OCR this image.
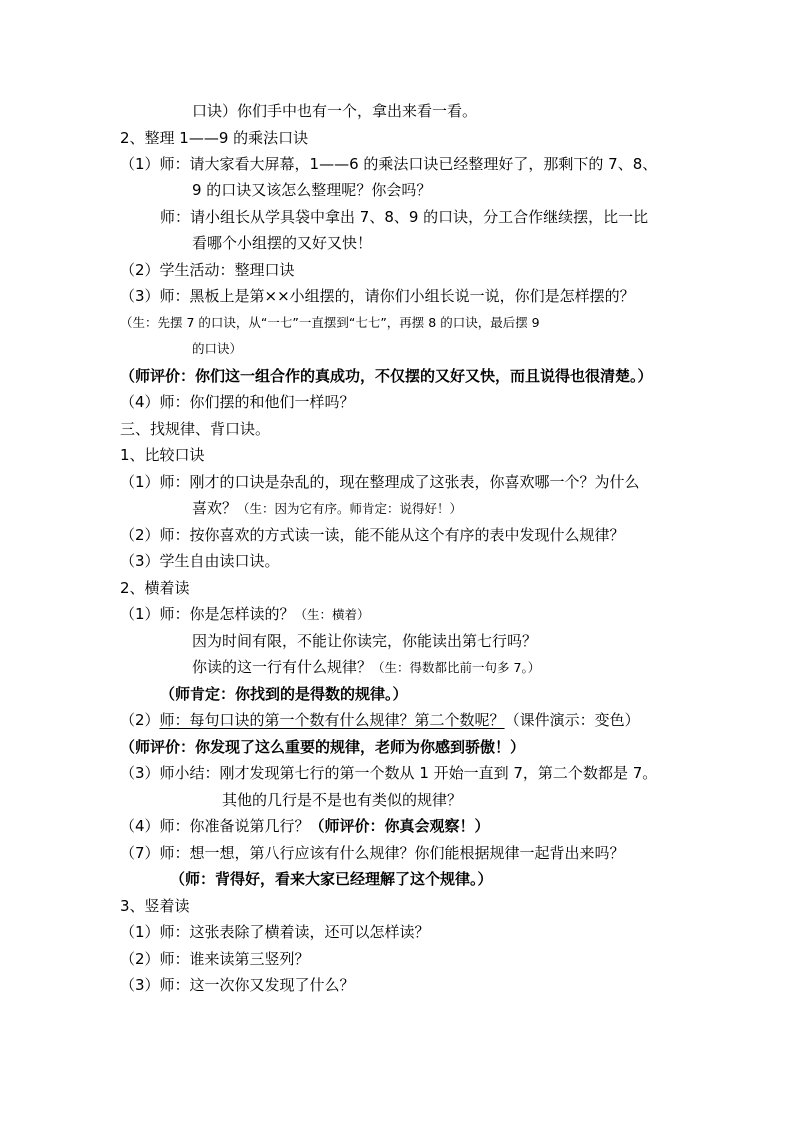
口诀）你们手中也有一个，拿出来看一看。
2、整理 1——9 的乘法口诀
（1）师：请大家看大屏幕，1——6 的乘法口诀已经整理好了，那剩下的 7、8、
9 的口诀又该怎么整理呢？你会吗？
师：请小组长从学具袋中拿出 7、8、9 的口诀，分工合作继续摆，比一比
看哪个小组摆的又好又快！
（2）学生活动：整理口诀
（3）师：黑板上是第××小组摆的，请你们小组长说一说，你们是怎样摆的？
（生：先摆 7 的口诀，从“一七”一直摆到“七七”，再摆 8 的口诀，最后摆 9
的口诀）
（师评价：你们这一组合作的真成功，不仅摆的又好又快，而且说得也很清楚。）
（4）师：你们摆的和他们一样吗？
三、找规律、背口诀。
1、比较口诀
（1）师：刚才的口诀是杂乱的，现在整理成了这张表，你喜欢哪一个？为什么
喜欢？（生：因为它有序。师肯定：说得好！）
（2）师：按你喜欢的方式读一读，能不能从这个有序的表中发现什么规律？
（3）学生自由读口诀。
2、横着读
（1）师：你是怎样读的？（生：横着）
因为时间有限，不能让你读完，你能读出第七行吗？
你读的这一行有什么规律？（生：得数都比前一句多 7。）
（师肯定：你找到的是得数的规律。）
（2）师：每句口诀的第一个数有什么规律？第二个数呢？（课件演示：变色）
（师评价：你发现了这么重要的规律，老师为你感到骄傲！）
（3）师小结：刚才发现第七行的第一个数从 1 开始一直到 7，第二个数都是 7。
其他的几行是不是也有类似的规律？
（4）师：你准备说第几行？（师评价：你真会观察！）
（7）师：想一想，第八行应该有什么规律？你们能根据规律一起背出来吗？
（师：背得好，看来大家已经理解了这个规律。）
3、竖着读
（1）师：这张表除了横着读，还可以怎样读？
（2）师：谁来读第三竖列？
（3）师：这一次你又发现了什么？
